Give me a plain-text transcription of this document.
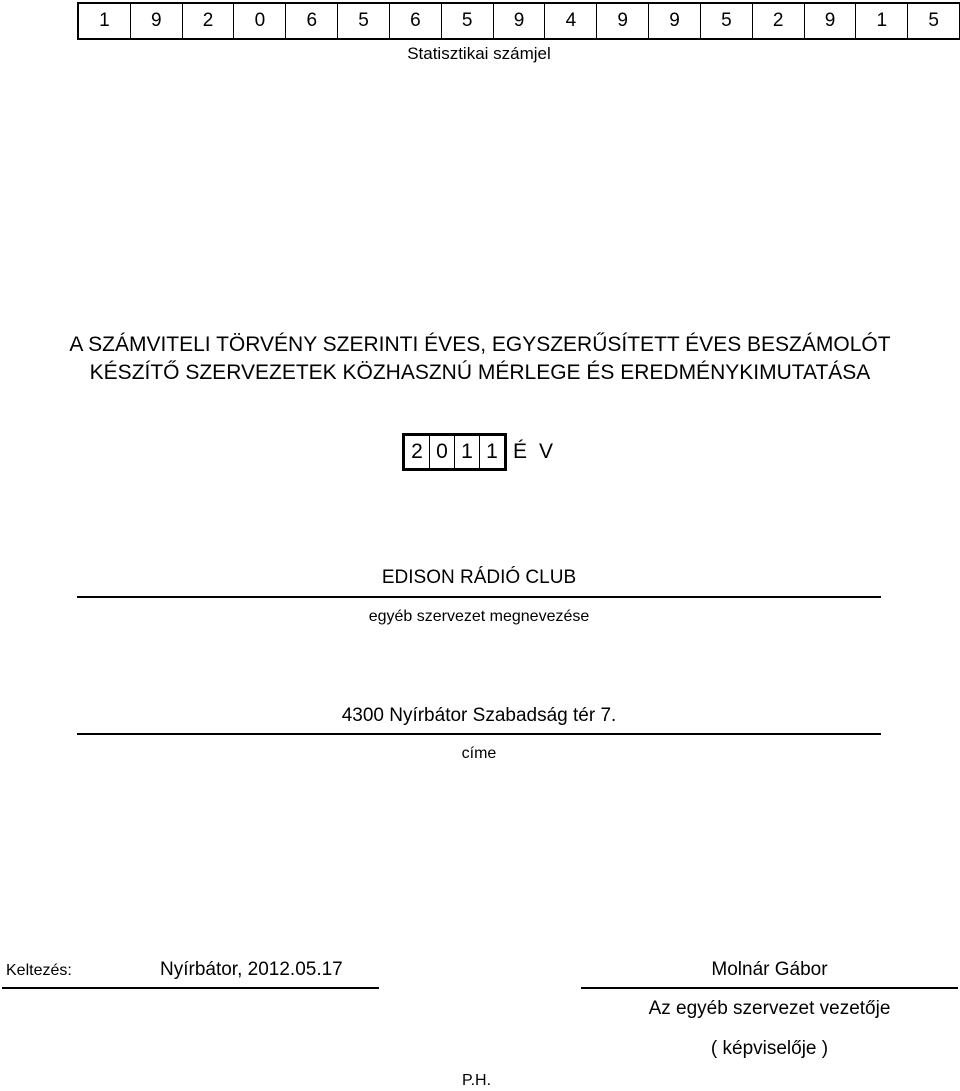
1	9	2	0	6	5	6	5	9	4	9	9	5	2	9	1	5
Statisztikai számjel
A SZÁMVITELI TÖRVÉNY SZERINTI ÉVES, EGYSZERŰSÍTETT ÉVES BESZÁMOLÓT
KÉSZÍTŐ SZERVEZETEK KÖZHASZNÚ MÉRLEGE ÉS EREDMÉNYKIMUTATÁSA
2 0 1 1 ÉV
EDISON RÁDIÓ CLUB
egyéb szervezet megnevezése
4300 Nyírbátor Szabadság tér 7.
címe
Keltezés:	Nyírbátor, 2012.05.17	Molnár Gábor
Az egyéb szervezet vezetője
( képviselője )
P.H.
